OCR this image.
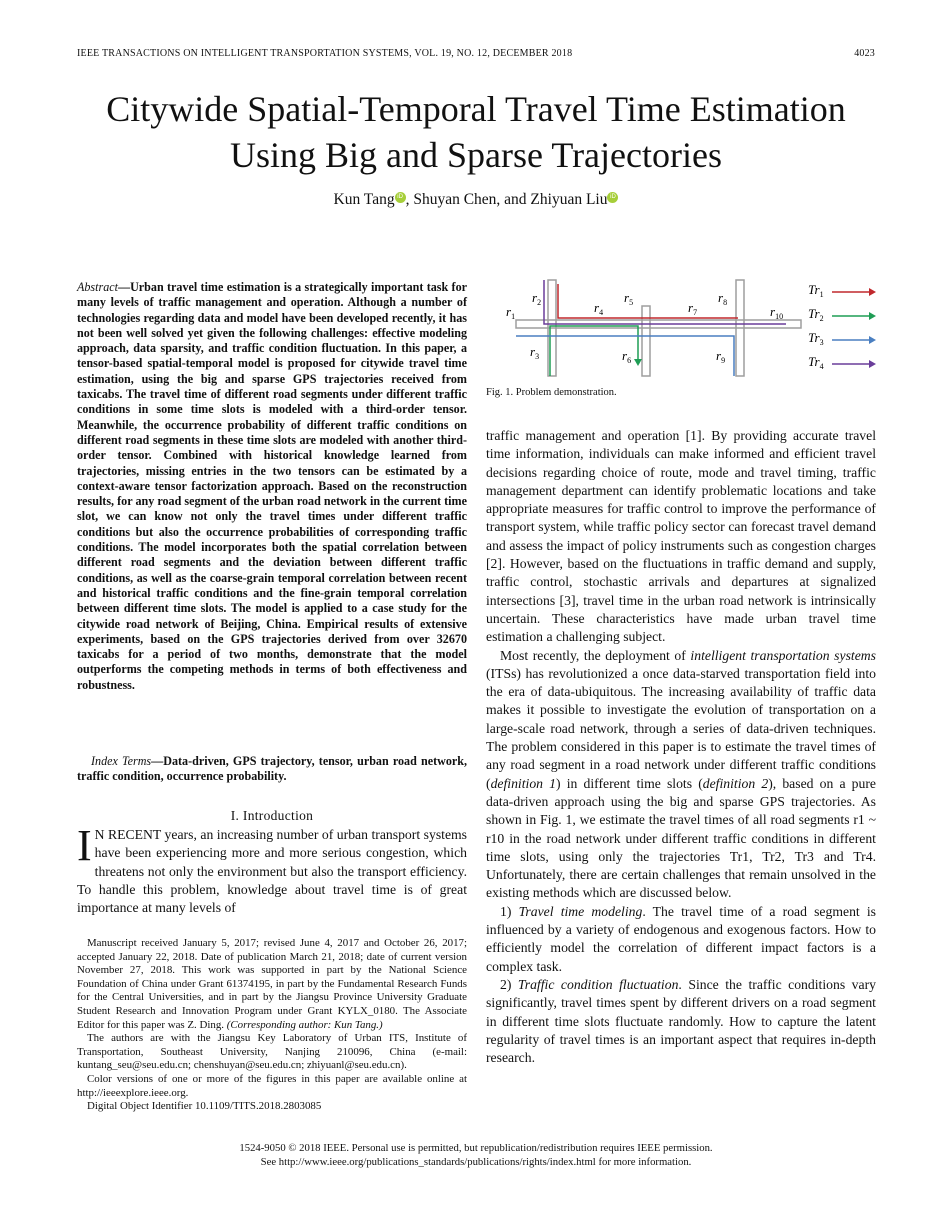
IEEE TRANSACTIONS ON INTELLIGENT TRANSPORTATION SYSTEMS, VOL. 19, NO. 12, DECEMBER 2018	4023
Citywide Spatial-Temporal Travel Time Estimation
Using Big and Sparse Trajectories
Kun Tang iD , Shuyan Chen, and Zhiyuan Liu iD
Abstract—Urban travel time estimation is a strategically important task for many levels of traffic management and operation. Although a number of technologies regarding data and model have been developed recently, it has not been well solved yet given the following challenges: effective modeling approach, data sparsity, and traffic condition fluctuation. In this paper, a tensor-based spatial-temporal model is proposed for citywide travel time estimation, using the big and sparse GPS trajectories received from taxicabs. The travel time of different road segments under different traffic conditions in some time slots is modeled with a third-order tensor. Meanwhile, the occurrence probability of different traffic conditions on different road segments in these time slots are modeled with another third-order tensor. Combined with historical knowledge learned from trajectories, missing entries in the two tensors can be estimated by a context-aware tensor factorization approach. Based on the reconstruction results, for any road segment of the urban road network in the current time slot, we can know not only the travel times under different traffic conditions but also the occurrence probabilities of corresponding traffic conditions. The model incorporates both the spatial correlation between different road segments and the deviation between different traffic conditions, as well as the coarse-grain temporal correlation between recent and historical traffic conditions and the fine-grain temporal correlation between different time slots. The model is applied to a case study for the citywide road network of Beijing, China. Empirical results of extensive experiments, based on the GPS trajectories derived from over 32670 taxicabs for a period of two months, demonstrate that the model outperforms the competing methods in terms of both effectiveness and robustness.
Index Terms—Data-driven, GPS trajectory, tensor, urban road network, traffic condition, occurrence probability.
I. Introduction
I N RECENT years, an increasing number of urban transport systems have been experiencing more and more serious congestion, which threatens not only the environment but also the transport efficiency. To handle this problem, knowledge about travel time is of great importance at many levels of

Manuscript received January 5, 2017; revised June 4, 2017 and October 26, 2017; accepted January 22, 2018. Date of publication March 21, 2018; date of current version November 27, 2018. This work was supported in part by the National Science Foundation of China under Grant 61374195, in part by the Fundamental Research Funds for the Central Universities, and in part by the Jiangsu Province University Graduate Student Research and Innovation Program under Grant KYLX_0180. The Associate Editor for this paper was Z. Ding. (Corresponding author: Kun Tang.)

The authors are with the Jiangsu Key Laboratory of Urban ITS, Institute of Transportation, Southeast University, Nanjing 210096, China (e-mail: kuntang_seu@seu.edu.cn; chenshuyan@seu.edu.cn; zhiyuanl@seu.edu.cn).

Color versions of one or more of the figures in this paper are available online at http://ieeexplore.ieee.org.

Digital Object Identifier 10.1109/TITS.2018.2803085

$r_1$
$r_2$
$r_3$
$r_4$
$r_5$
$r_6$
$r_7$
$r_8$
$r_9$
$r_{10}$
$Tr_1$
$Tr_2$
$Tr_3$
$Tr_4$
Fig. 1. Problem demonstration.

traffic management and operation [1]. By providing accurate travel time information, individuals can make informed and efficient travel decisions regarding choice of route, mode and travel timing, traffic management department can identify problematic locations and take appropriate measures for traffic control to improve the performance of transport system, while traffic policy sector can forecast travel demand and assess the impact of policy instruments such as congestion charges [2]. However, based on the fluctuations in traffic demand and supply, traffic control, stochastic arrivals and departures at signalized intersections [3], travel time in the urban road network is intrinsically uncertain. These characteristics have made urban travel time estimation a challenging subject.

Most recently, the deployment of intelligent transportation systems (ITSs) has revolutionized a once data-starved transportation field into the era of data-ubiquitous. The increasing availability of traffic data makes it possible to investigate the evolution of transportation on a large-scale road network, through a series of data-driven techniques. The problem considered in this paper is to estimate the travel times of any road segment in a road network under different traffic conditions (definition 1) in different time slots (definition 2), based on a pure data-driven approach using the big and sparse GPS trajectories. As shown in Fig. 1, we estimate the travel times of all road segments r1 ~ r10 in the road network under different traffic conditions in different time slots, using only the trajectories Tr1, Tr2, Tr3 and Tr4. Unfortunately, there are certain challenges that remain unsolved in the existing methods which are discussed below.

1) Travel time modeling. The travel time of a road segment is influenced by a variety of endogenous and exogenous factors. How to efficiently model the correlation of different impact factors is a complex task.

2) Traffic condition fluctuation. Since the traffic conditions vary significantly, travel times spent by different drivers on a road segment in different time slots fluctuate randomly. How to capture the latent regularity of travel times is an important aspect that requires in-depth research.

1524-9050 © 2018 IEEE. Personal use is permitted, but republication/redistribution requires IEEE permission.
See http://www.ieee.org/publications_standards/publications/rights/index.html for more information.
